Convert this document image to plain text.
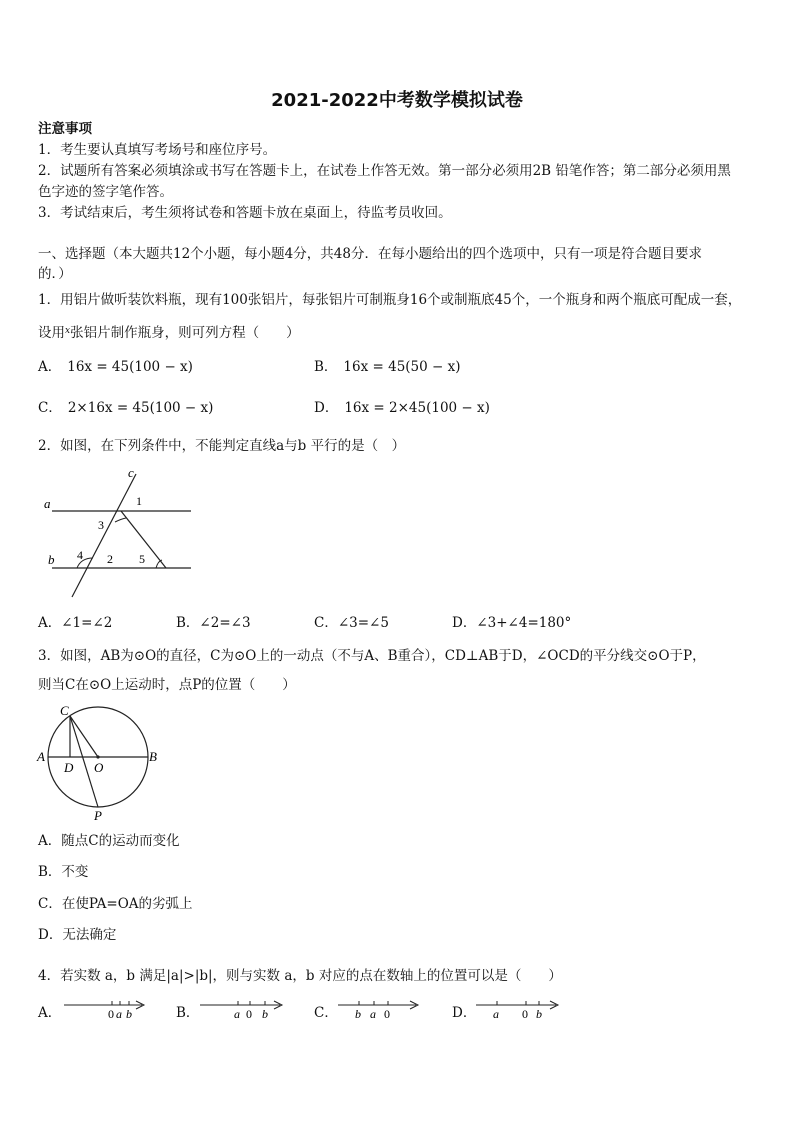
2021-2022中考数学模拟试卷
注意事项
1．考生要认真填写考场号和座位序号。
2．试题所有答案必须填涂或书写在答题卡上，在试卷上作答无效。第一部分必须用2B 铅笔作答；第二部分必须用黑
色字迹的签字笔作答。
3．考试结束后，考生须将试卷和答题卡放在桌面上，待监考员收回。
一、选择题（本大题共12个小题，每小题4分，共48分．在每小题给出的四个选项中，只有一项是符合题目要求
的．）
1．用铝片做听装饮料瓶，现有100张铝片，每张铝片可制瓶身16个或制瓶底45个，一个瓶身和两个瓶底可配成一套，
设用$^x$张铝片制作瓶身，则可列方程（　　）
A． 16x = 45(100 − x)	B． 16x = 45(50 − x)
C． 2×16x = 45(100 − x)	D． 16x = 2×45(100 − x)
2．如图，在下列条件中，不能判定直线a与b 平行的是（　）
a
b
c
1
2
3
4	5
A．∠1=∠2	B．∠2=∠3	C．∠3=∠5	D．∠3+∠4=180°
3．如图，AB为⊙O的直径，C为⊙O上的一动点（不与A、B重合），CD⊥AB于D，∠OCD的平分线交⊙O于P，
则当C在⊙O上运动时，点P的位置（　　）
C
A
D O
B
P
A．随点C的运动而变化
B．不变
C．在使PA=OA的劣弧上
D．无法确定
4．若实数 a，b 满足|a|>|b|，则与实数 a，b 对应的点在数轴上的位置可以是（　　）
A．	0 a b	B．	a 0 b	C． b a 0	D． a 0 b
